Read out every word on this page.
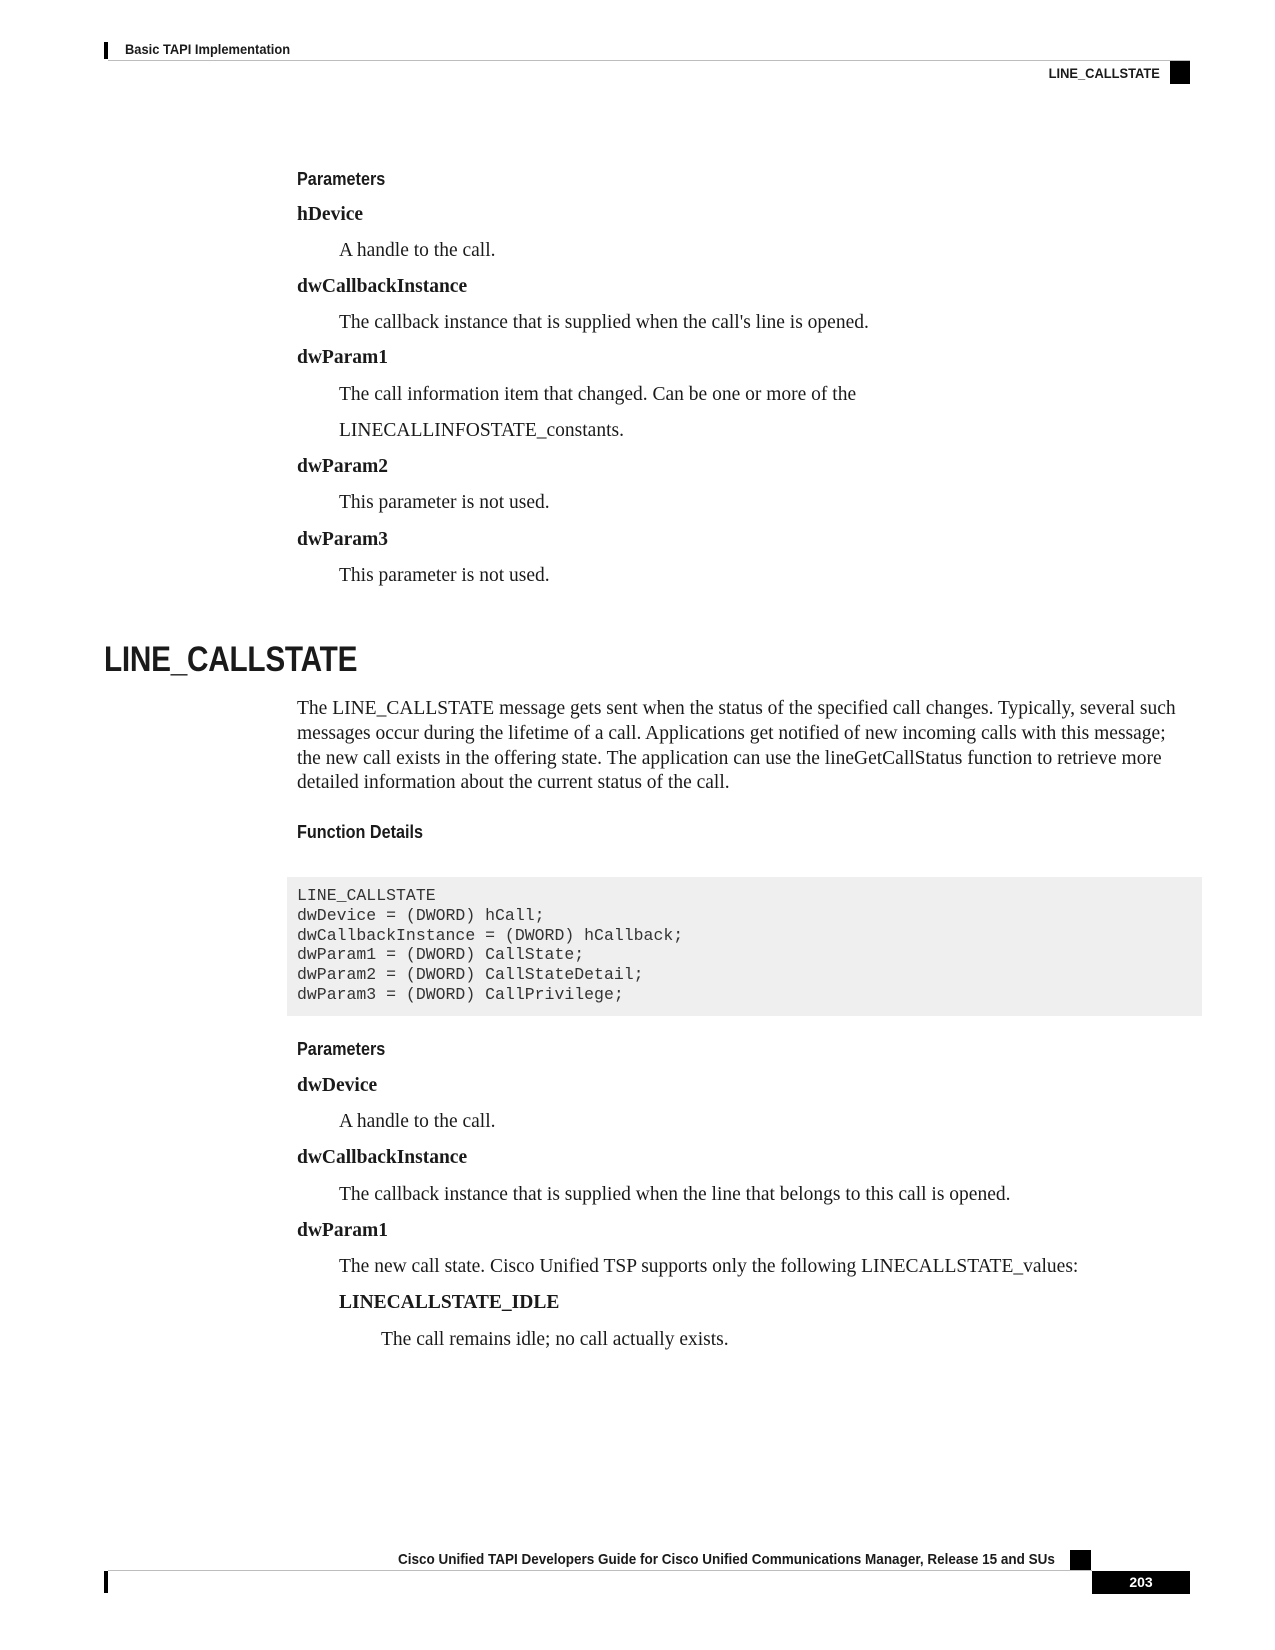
Basic TAPI Implementation
LINE_CALLSTATE
Parameters
hDevice
A handle to the call.
dwCallbackInstance
The callback instance that is supplied when the call's line is opened.
dwParam1
The call information item that changed. Can be one or more of the
LINECALLINFOSTATE_constants.
dwParam2
This parameter is not used.
dwParam3
This parameter is not used.
LINE_CALLSTATE
The LINE_CALLSTATE message gets sent when the status of the specified call changes. Typically, several such messages occur during the lifetime of a call. Applications get notified of new incoming calls with this message; the new call exists in the offering state. The application can use the lineGetCallStatus function to retrieve more detailed information about the current status of the call.
Function Details
LINE_CALLSTATE
dwDevice = (DWORD) hCall;
dwCallbackInstance = (DWORD) hCallback;
dwParam1 = (DWORD) CallState;
dwParam2 = (DWORD) CallStateDetail;
dwParam3 = (DWORD) CallPrivilege;
Parameters
dwDevice
A handle to the call.
dwCallbackInstance
The callback instance that is supplied when the line that belongs to this call is opened.
dwParam1
The new call state. Cisco Unified TSP supports only the following LINECALLSTATE_values:
LINECALLSTATE_IDLE
The call remains idle; no call actually exists.
Cisco Unified TAPI Developers Guide for Cisco Unified Communications Manager, Release 15 and SUs
203
